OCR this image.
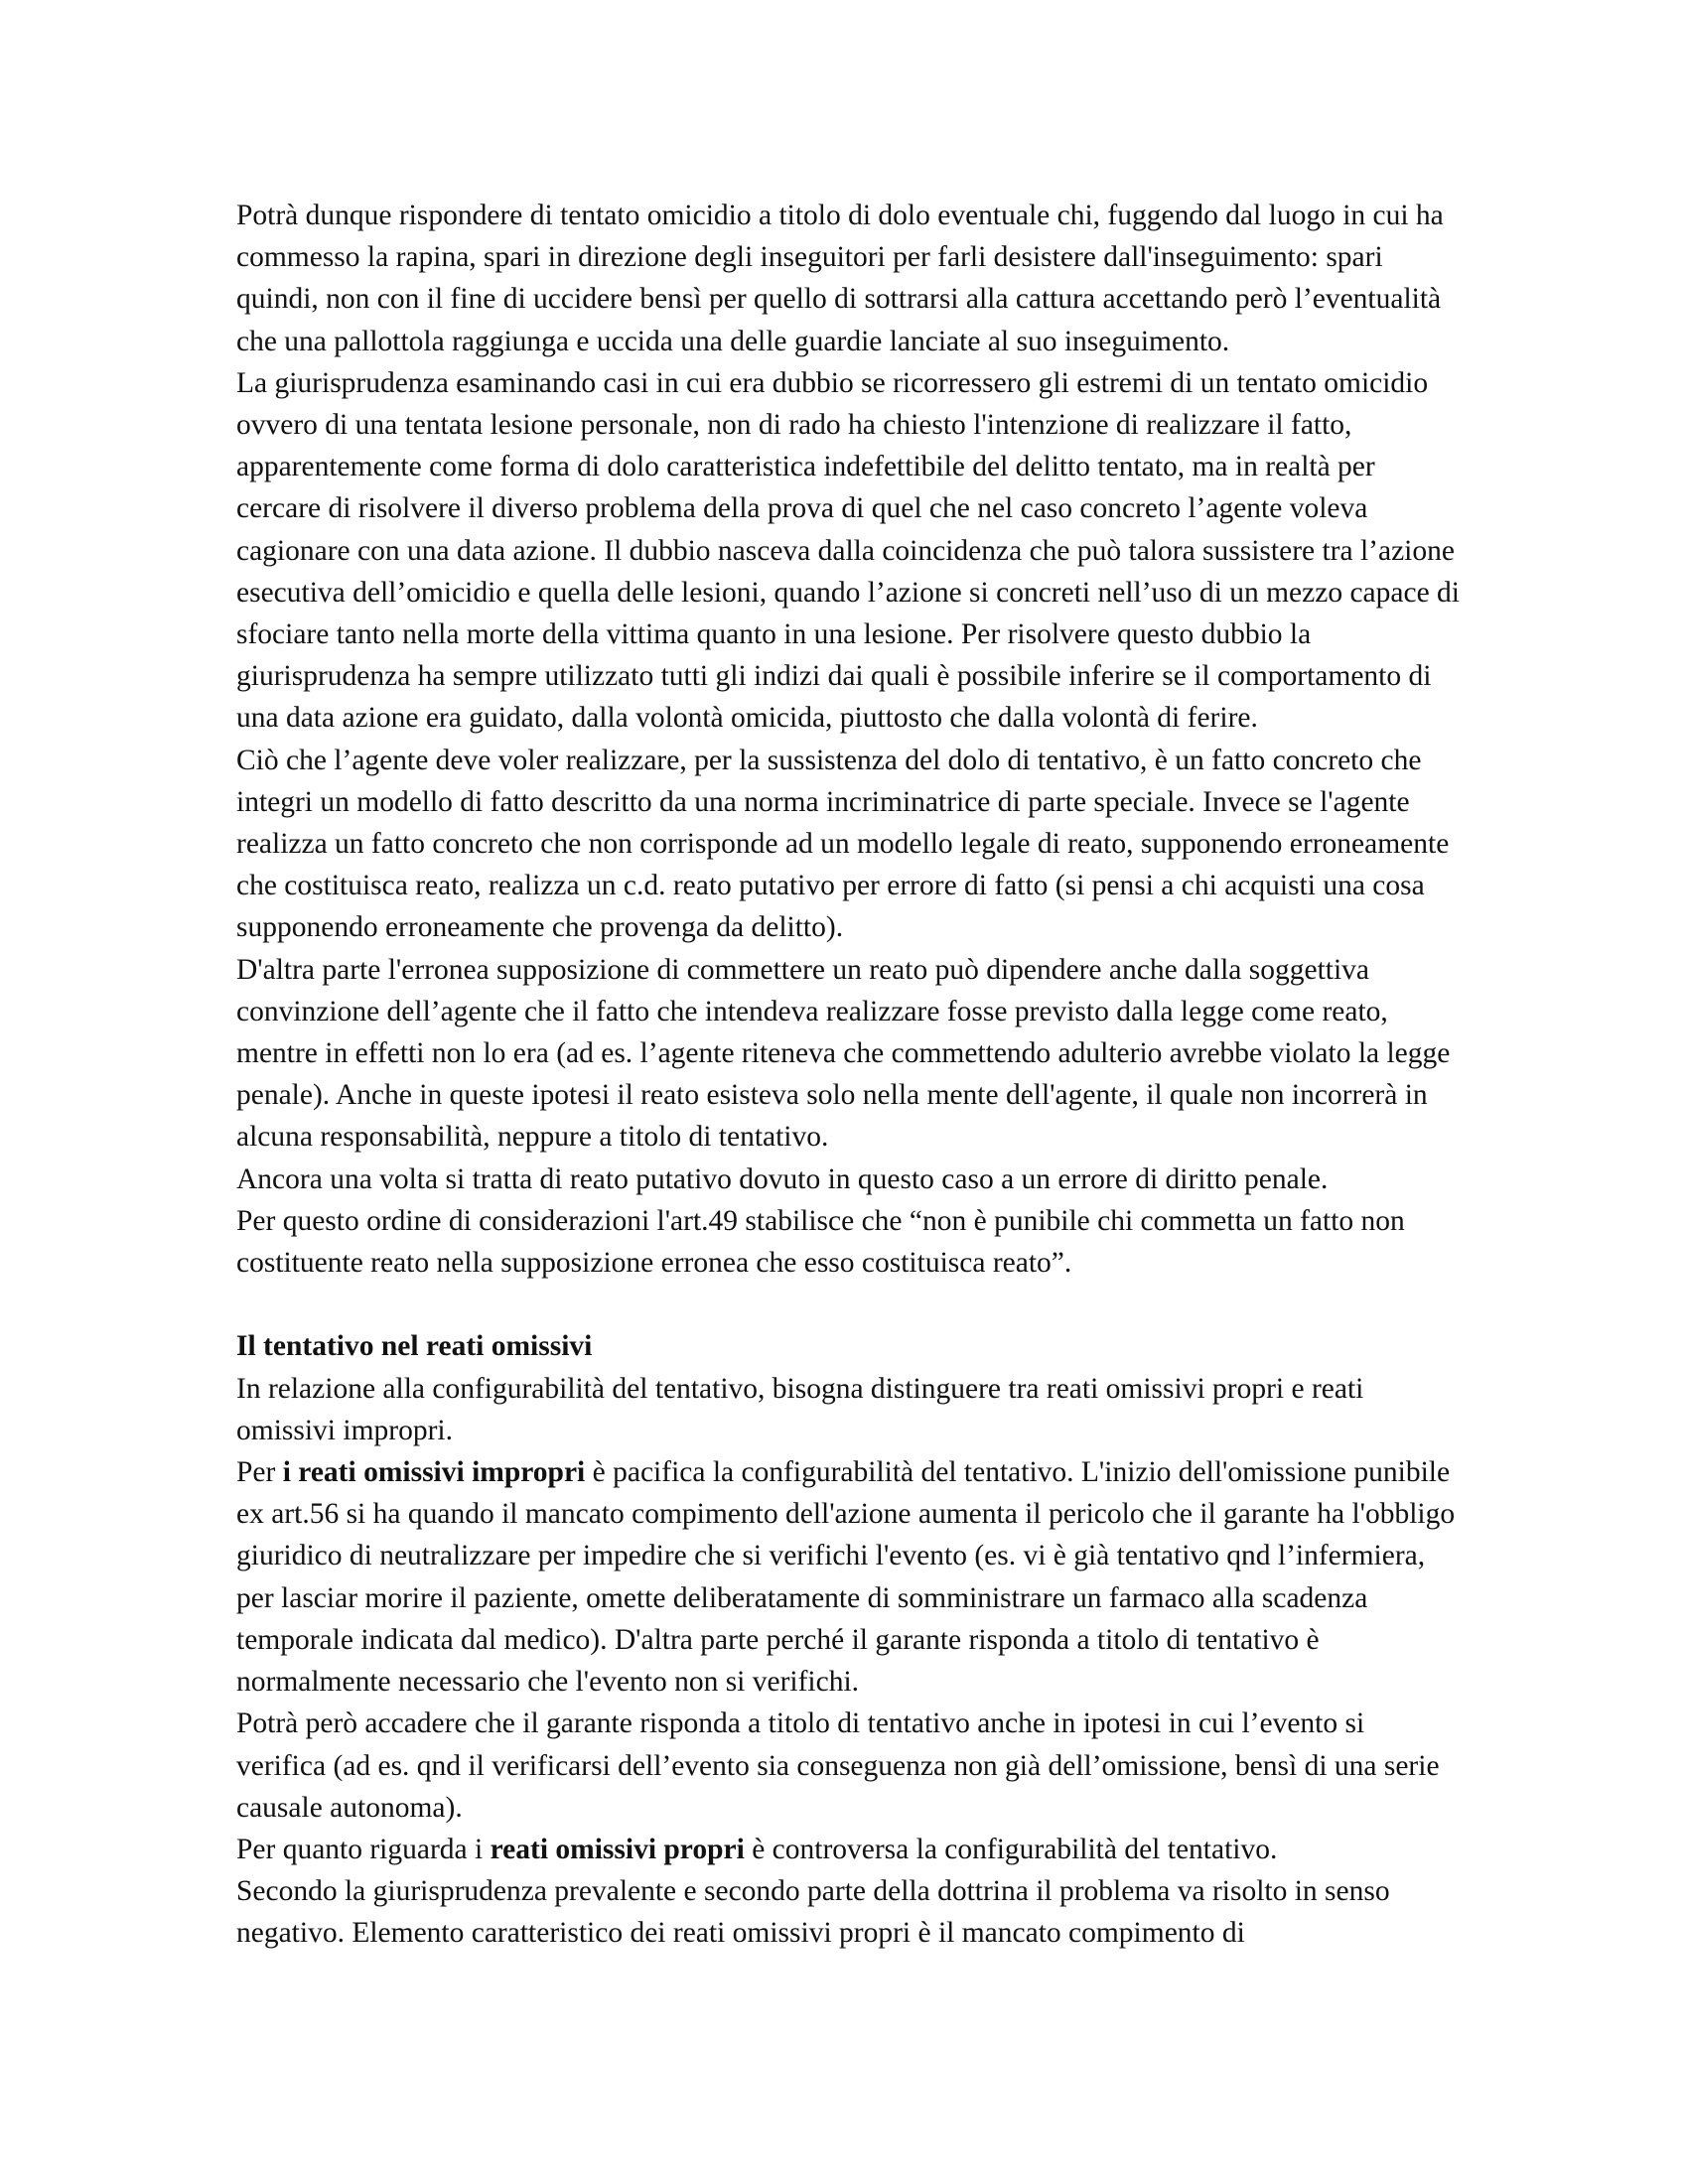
Potrà dunque rispondere di tentato omicidio a titolo di dolo eventuale chi, fuggendo dal luogo in cui ha commesso la rapina, spari in direzione degli inseguitori per farli desistere dall'inseguimento: spari quindi, non con il fine di uccidere bensì per quello di sottrarsi alla cattura accettando però l’eventualità che una pallottola raggiunga e uccida una delle guardie lanciate al suo inseguimento.

La giurisprudenza esaminando casi in cui era dubbio se ricorressero gli estremi di un tentato omicidio ovvero di una tentata lesione personale, non di rado ha chiesto l'intenzione di realizzare il fatto, apparentemente come forma di dolo caratteristica indefettibile del delitto tentato, ma in realtà per cercare di risolvere il diverso problema della prova di quel che nel caso concreto l’agente voleva cagionare con una data azione. Il dubbio nasceva dalla coincidenza che può talora sussistere tra l’azione esecutiva dell’omicidio e quella delle lesioni, quando l’azione si concreti nell’uso di un mezzo capace di sfociare tanto nella morte della vittima quanto in una lesione. Per risolvere questo dubbio la giurisprudenza ha sempre utilizzato tutti gli indizi dai quali è possibile inferire se il comportamento di una data azione era guidato, dalla volontà omicida, piuttosto che dalla volontà di ferire.

Ciò che l’agente deve voler realizzare, per la sussistenza del dolo di tentativo, è un fatto concreto che integri un modello di fatto descritto da una norma incriminatrice di parte speciale. Invece se l'agente realizza un fatto concreto che non corrisponde ad un modello legale di reato, supponendo erroneamente che costituisca reato, realizza un c.d. reato putativo per errore di fatto (si pensi a chi acquisti una cosa supponendo erroneamente che provenga da delitto).

D'altra parte l'erronea supposizione di commettere un reato può dipendere anche dalla soggettiva convinzione dell’agente che il fatto che intendeva realizzare fosse previsto dalla legge come reato, mentre in effetti non lo era (ad es. l’agente riteneva che commettendo adulterio avrebbe violato la legge penale). Anche in queste ipotesi il reato esisteva solo nella mente dell'agente, il quale non incorrerà in alcuna responsabilità, neppure a titolo di tentativo.

Ancora una volta si tratta di reato putativo dovuto in questo caso a un errore di diritto penale.

Per questo ordine di considerazioni l'art.49 stabilisce che “non è punibile chi commetta un fatto non costituente reato nella supposizione erronea che esso costituisca reato”.

Il tentativo nel reati omissivi

In relazione alla configurabilità del tentativo, bisogna distinguere tra reati omissivi propri e reati omissivi impropri.

Per i reati omissivi impropri è pacifica la configurabilità del tentativo. L'inizio dell'omissione punibile ex art.56 si ha quando il mancato compimento dell'azione aumenta il pericolo che il garante ha l'obbligo giuridico di neutralizzare per impedire che si verifichi l'evento (es. vi è già tentativo qnd l’infermiera, per lasciar morire il paziente, omette deliberatamente di somministrare un farmaco alla scadenza temporale indicata dal medico). D'altra parte perché il garante risponda a titolo di tentativo è normalmente necessario che l'evento non si verifichi.

Potrà però accadere che il garante risponda a titolo di tentativo anche in ipotesi in cui l’evento si verifica (ad es. qnd il verificarsi dell’evento sia conseguenza non già dell’omissione, bensì di una serie causale autonoma).

Per quanto riguarda i reati omissivi propri è controversa la configurabilità del tentativo.

Secondo la giurisprudenza prevalente e secondo parte della dottrina il problema va risolto in senso negativo. Elemento caratteristico dei reati omissivi propri è il mancato compimento di
